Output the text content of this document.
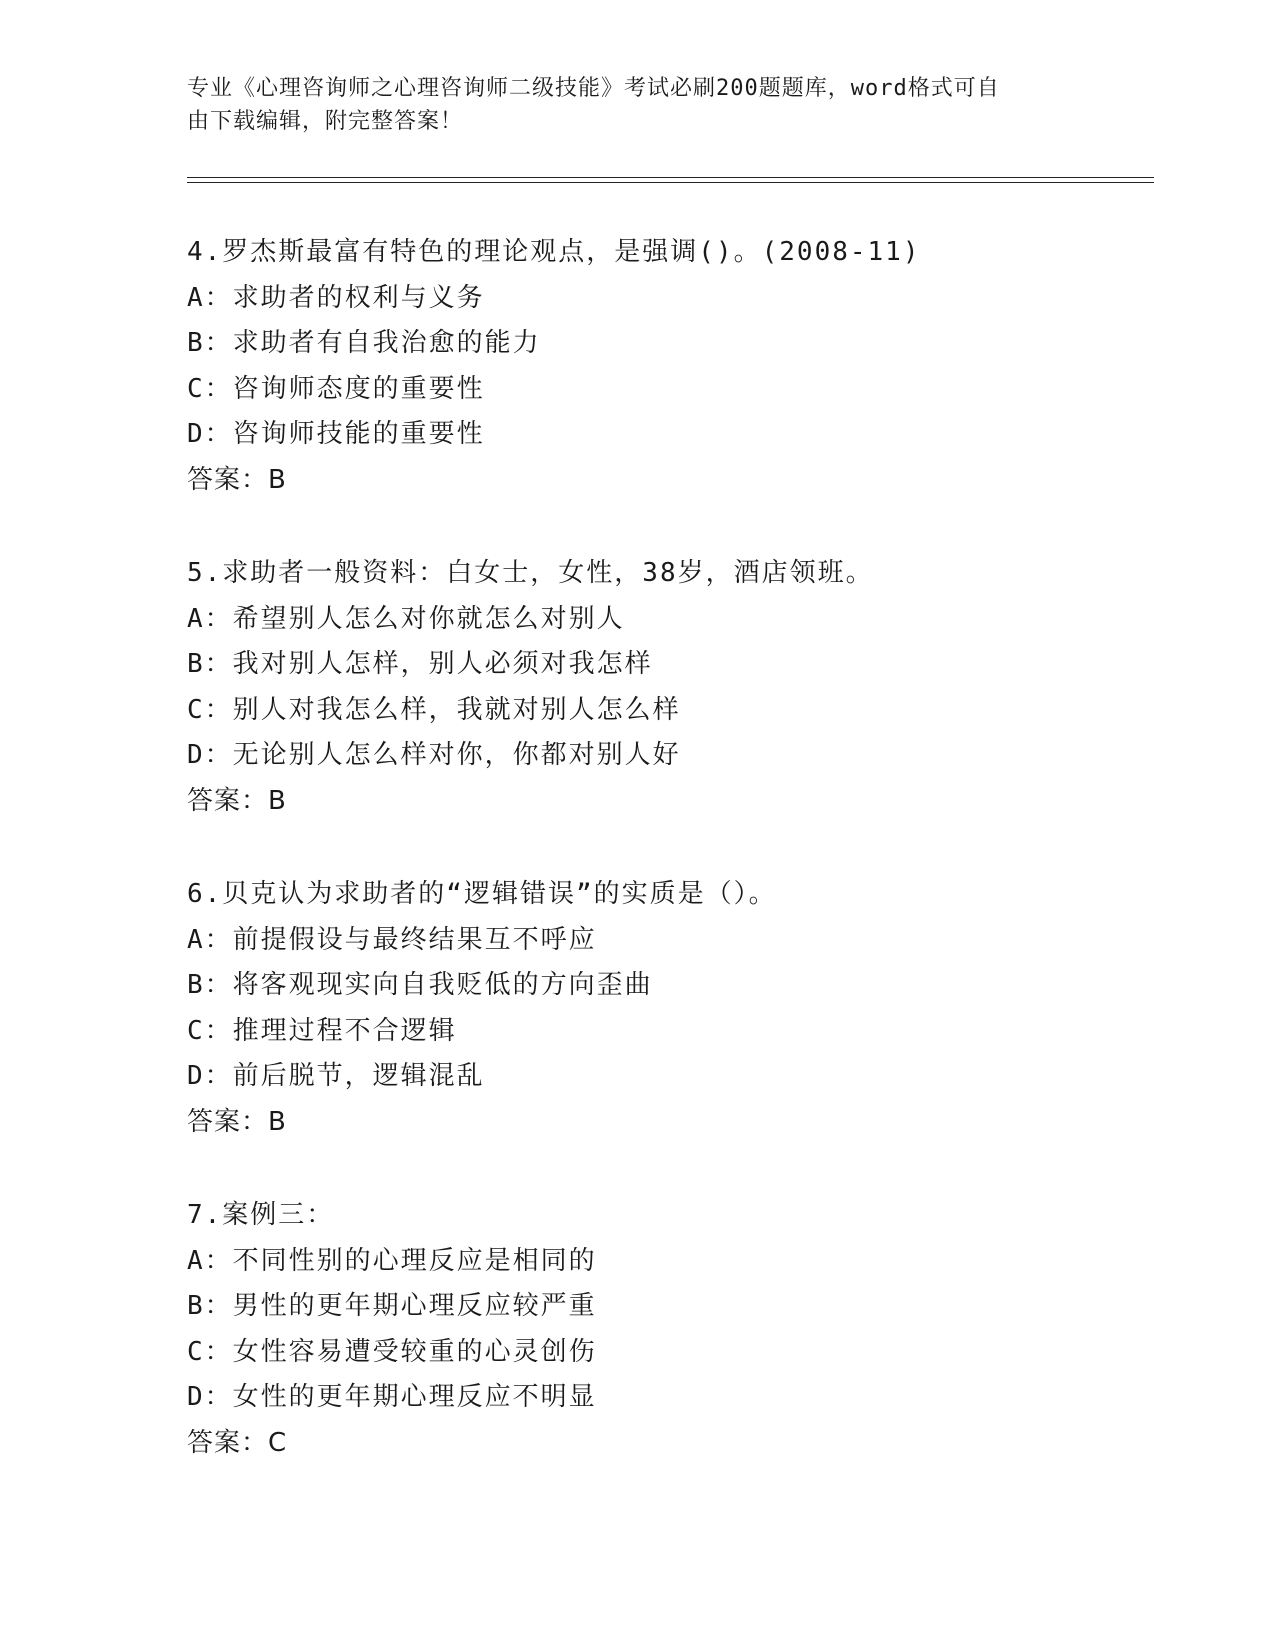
专业《心理咨询师之心理咨询师二级技能》考试必刷200题题库，word格式可自
由下载编辑，附完整答案！
4.罗杰斯最富有特色的理论观点，是强调()。(2008-11)
A：求助者的权利与义务
B：求助者有自我治愈的能力
C：咨询师态度的重要性
D：咨询师技能的重要性
答案：B
5.求助者一般资料：白女士，女性，38岁，酒店领班。
A：希望别人怎么对你就怎么对别人
B：我对别人怎样，别人必须对我怎样
C：别人对我怎么样，我就对别人怎么样
D：无论别人怎么样对你，你都对别人好
答案：B
6.贝克认为求助者的“逻辑错误”的实质是（）。
A：前提假设与最终结果互不呼应
B：将客观现实向自我贬低的方向歪曲
C：推理过程不合逻辑
D：前后脱节，逻辑混乱
答案：B
7.案例三：
A：不同性别的心理反应是相同的
B：男性的更年期心理反应较严重
C：女性容易遭受较重的心灵创伤
D：女性的更年期心理反应不明显
答案：C
